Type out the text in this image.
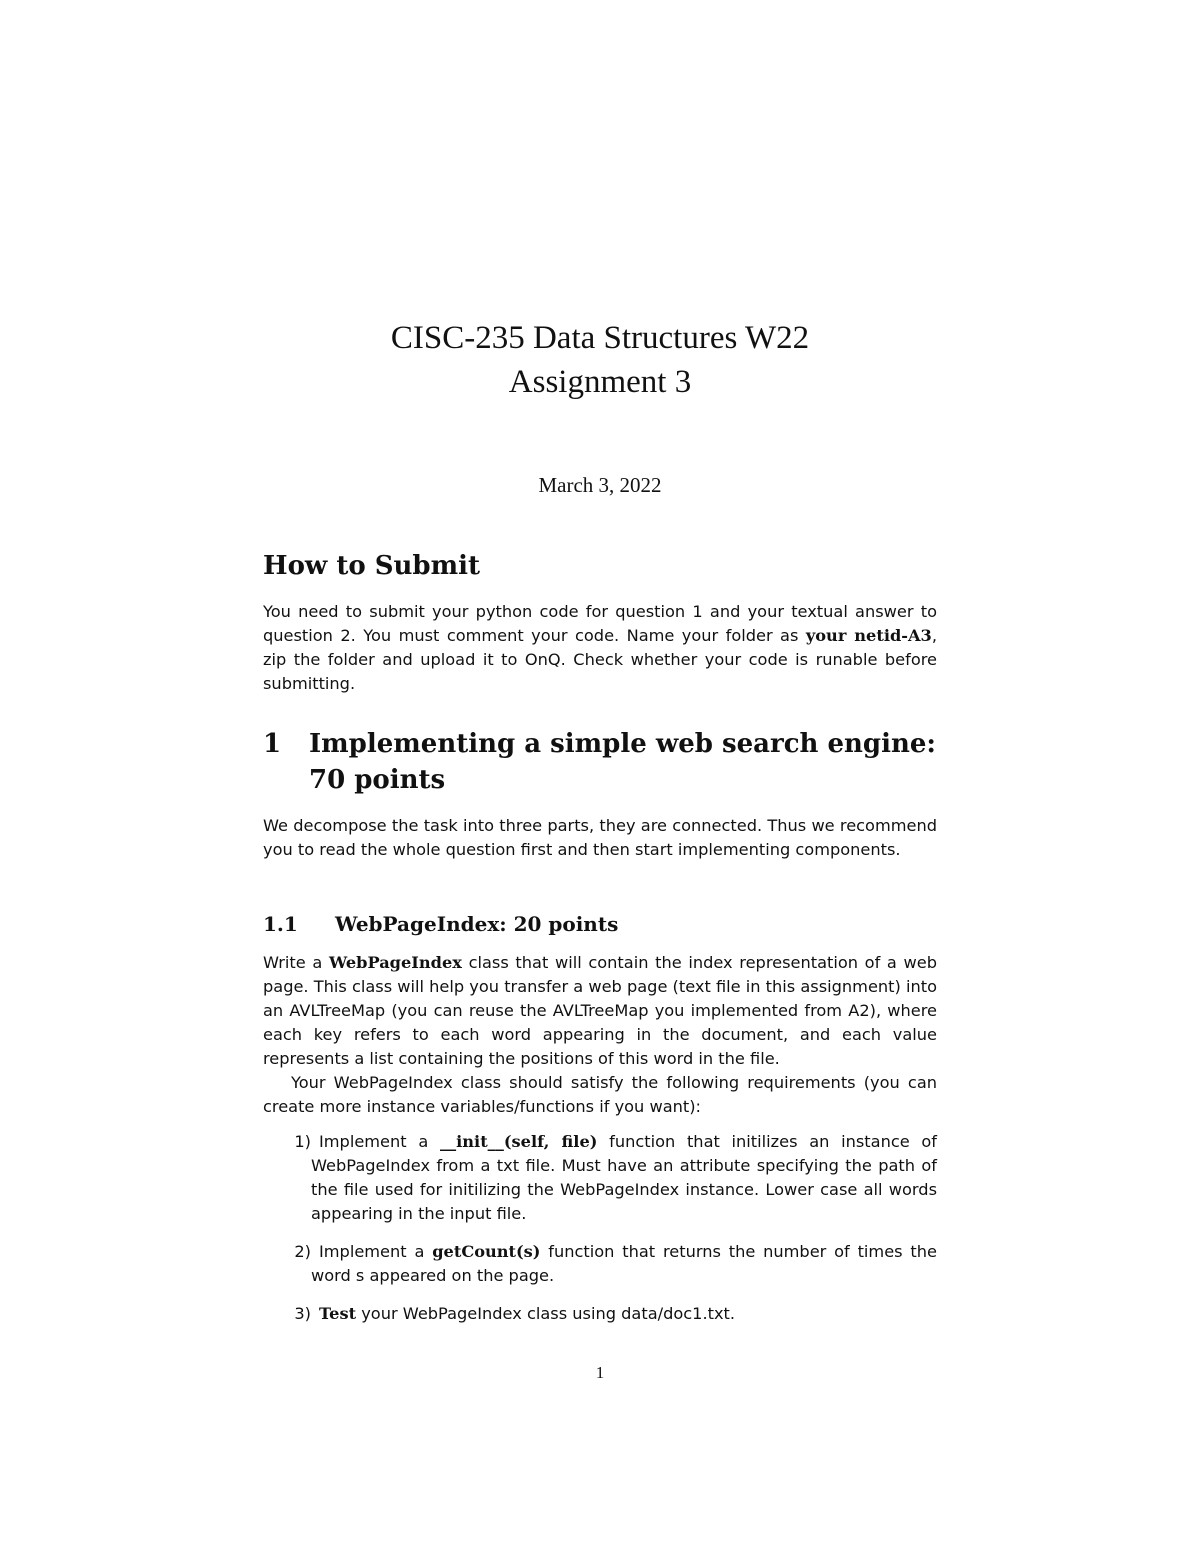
CISC-235 Data Structures W22
Assignment 3
March 3, 2022
How to Submit

You need to submit your python code for question 1 and your textual answer to question 2. You must comment your code. Name your folder as your netid-A3, zip the folder and upload it to OnQ. Check whether your code is runable before submitting.

1	Implementing a simple web search engine: 70 points

We decompose the task into three parts, they are connected. Thus we recommend you to read the whole question first and then start implementing components.

1.1	WebPageIndex: 20 points

Write a WebPageIndex class that will contain the index representation of a web page. This class will help you transfer a web page (text file in this assignment) into an AVLTreeMap (you can reuse the AVLTreeMap you implemented from A2), where each key refers to each word appearing in the document, and each value represents a list containing the positions of this word in the file.

Your WebPageIndex class should satisfy the following requirements (you can create more instance variables/functions if you want):

1) Implement a __init__(self, file) function that initilizes an instance of WebPageIndex from a txt file. Must have an attribute specifying the path of the file used for initilizing the WebPageIndex instance. Lower case all words appearing in the input file.
2) Implement a getCount(s) function that returns the number of times the word s appeared on the page.
3) Test your WebPageIndex class using data/doc1.txt.
1
